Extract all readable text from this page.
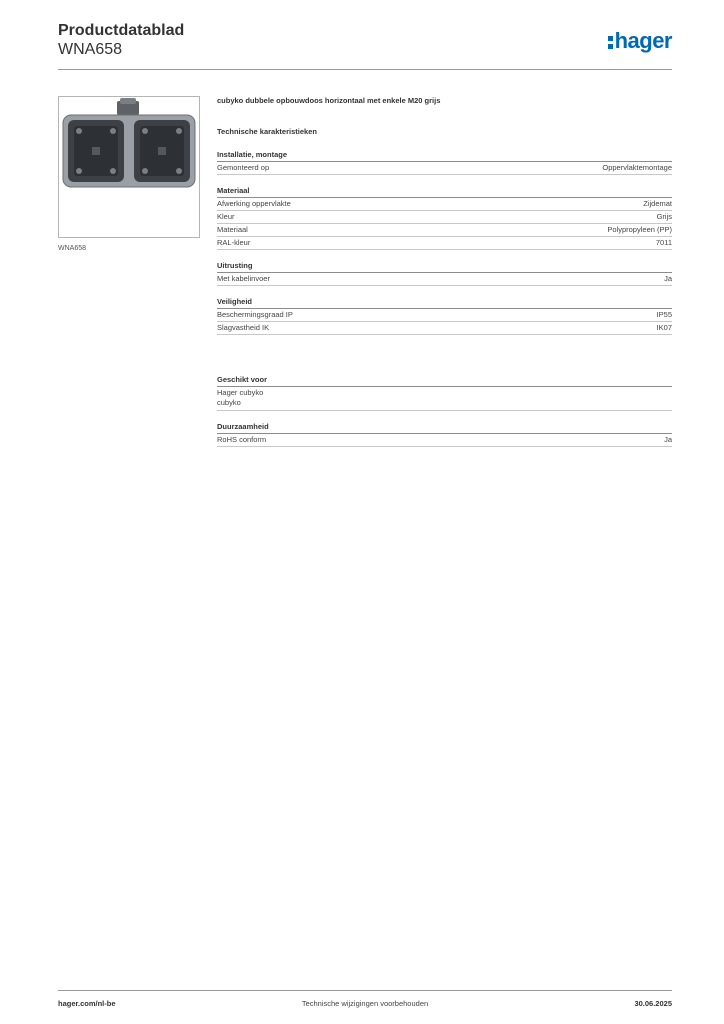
Productdatablad
WNA658	hager
WNA658
cubyko dubbele opbouwdoos horizontaal met enkele M20 grijs
Technische karakteristieken
Installatie, montage
Gemonteerd op	Oppervlaktemontage
Materiaal
Afwerking oppervlakte	Zijdemat
Kleur	Grijs
Materiaal	Polypropyleen (PP)
RAL-kleur	7011
Uitrusting
Met kabelinvoer	Ja
Veiligheid
Beschermingsgraad IP	IP55
Slagvastheid IK	IK07
Geschikt voor
Hager cubyko
cubyko
Duurzaamheid
RoHS conform	Ja
hager.com/nl-be	Technische wijzigingen voorbehouden	30.06.2025
